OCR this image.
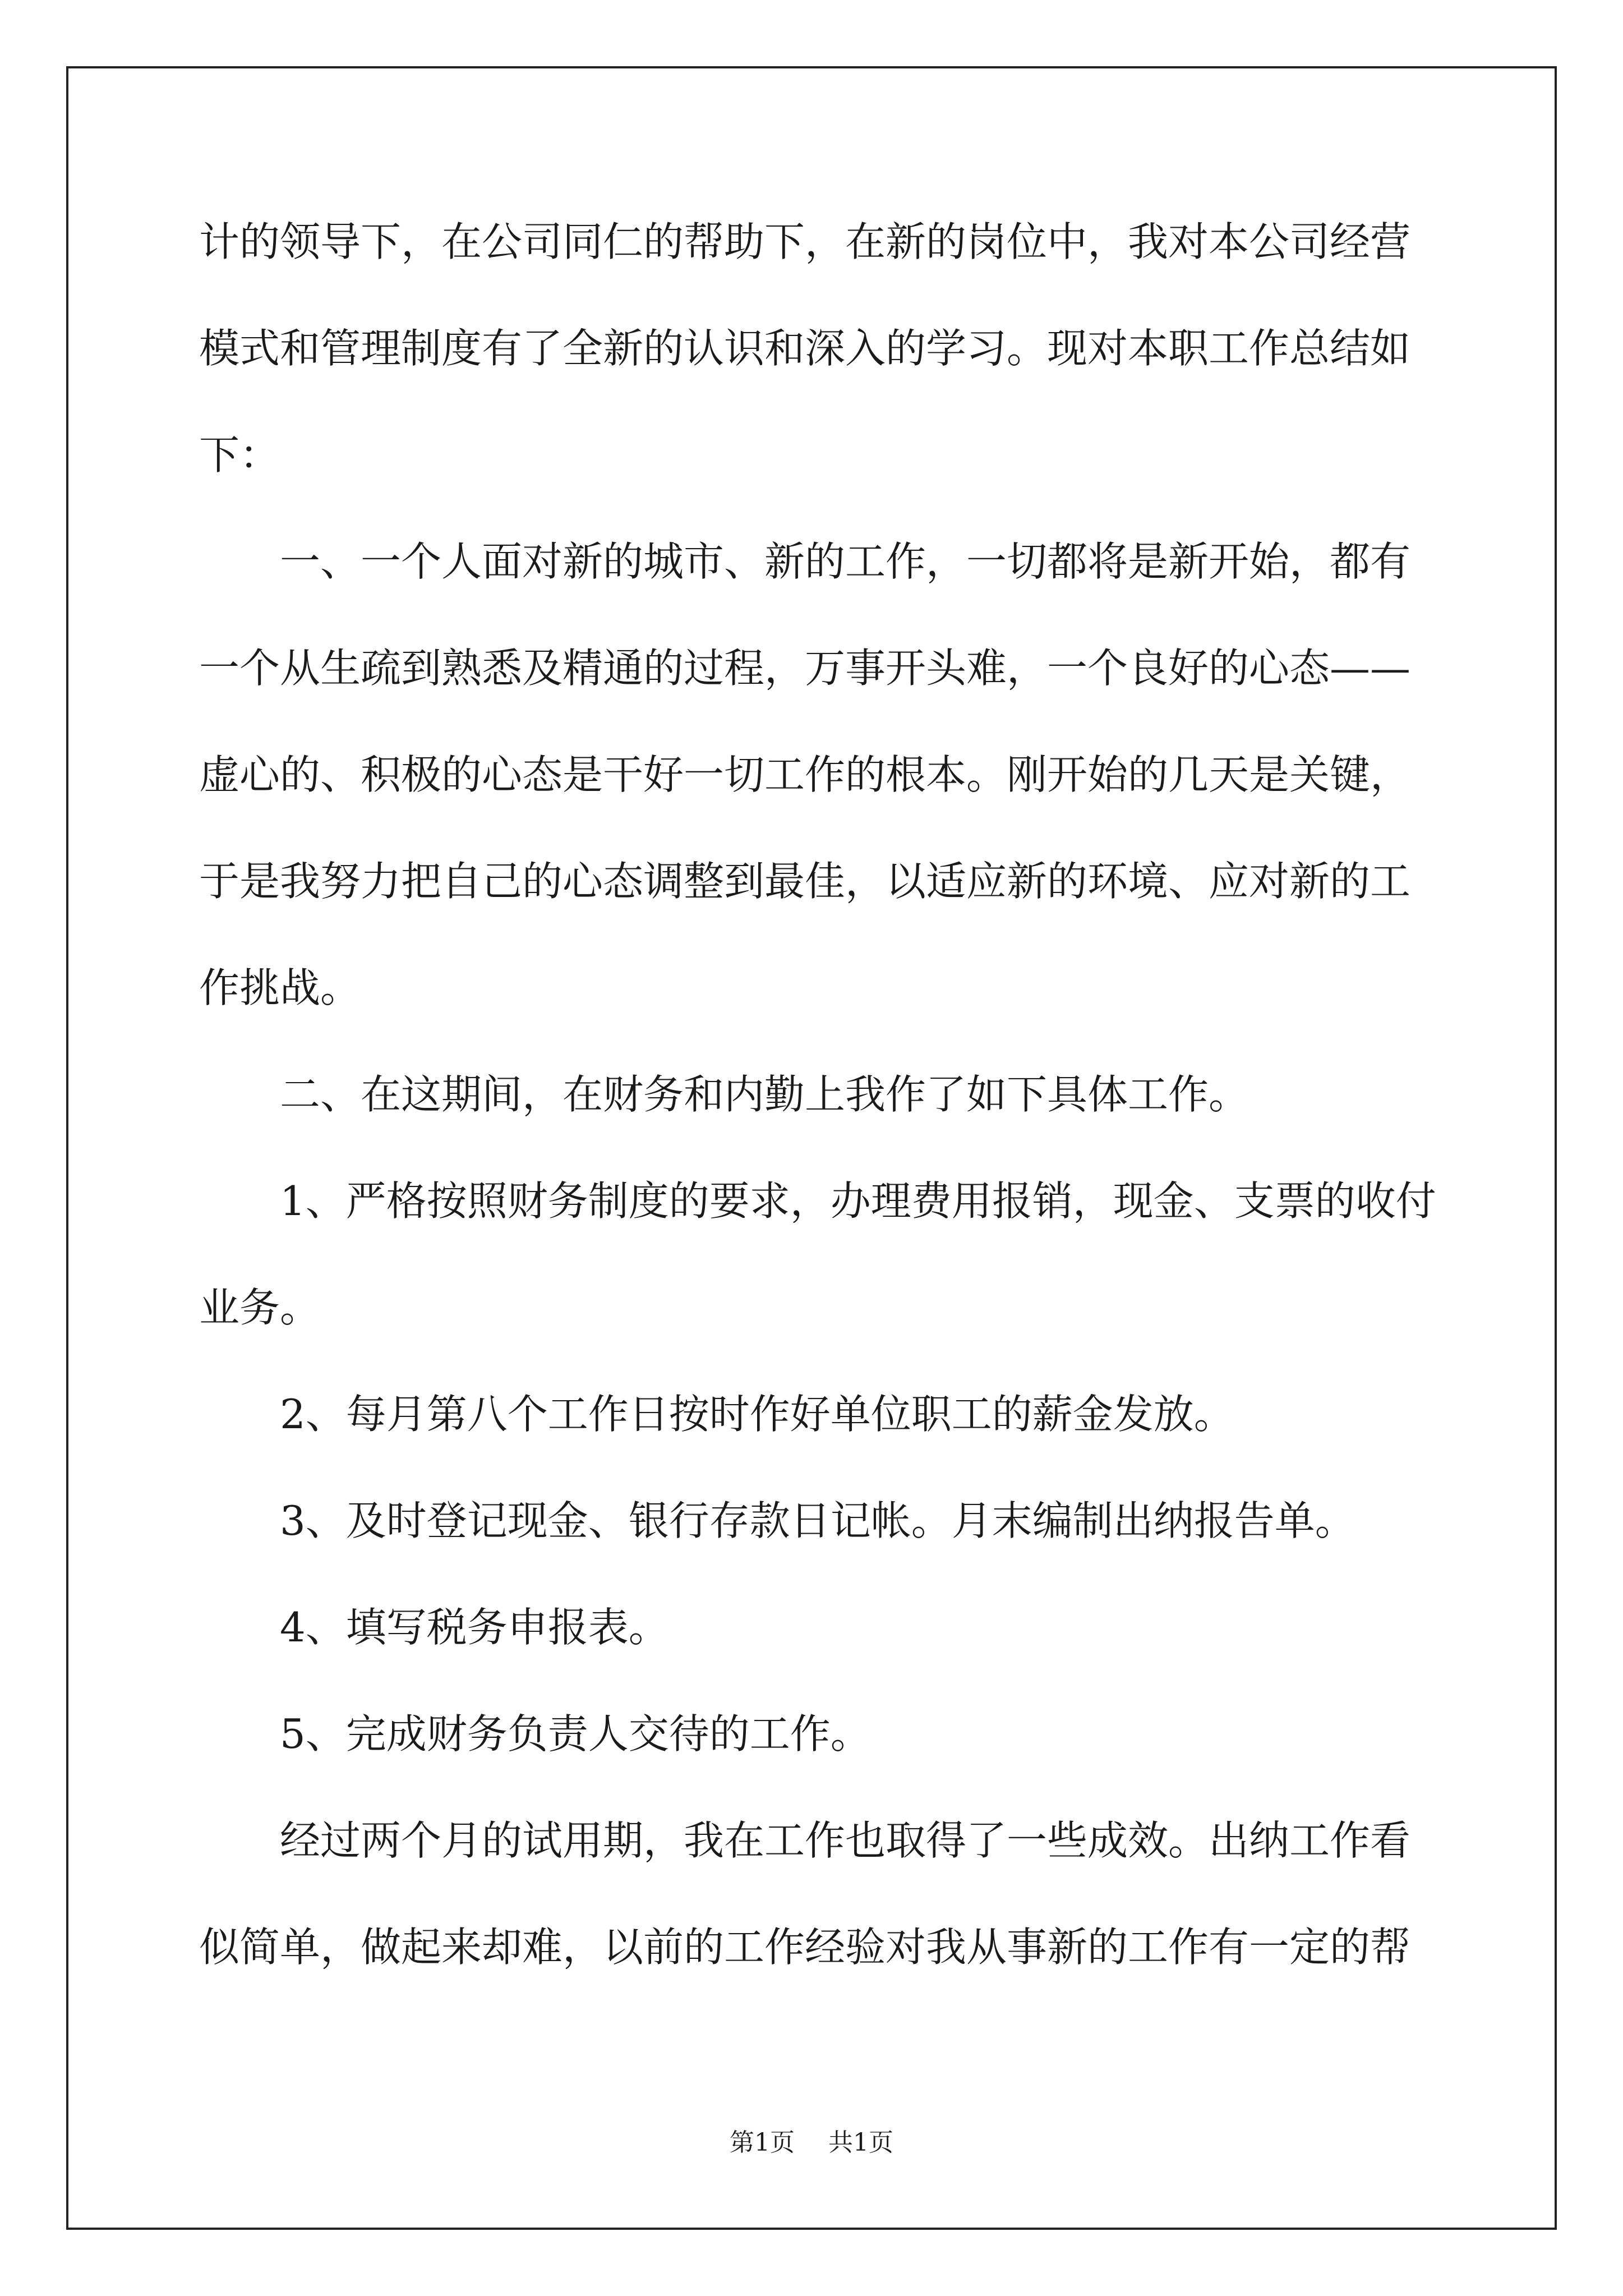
计的领导下，在公司同仁的帮助下，在新的岗位中，我对本公司经营
模式和管理制度有了全新的认识和深入的学习。现对本职工作总结如
下：
一、一个人面对新的城市、新的工作，一切都将是新开始，都有
一个从生疏到熟悉及精通的过程，万事开头难，一个良好的心态——
虚心的、积极的心态是干好一切工作的根本。刚开始的几天是关键，
于是我努力把自己的心态调整到最佳，以适应新的环境、应对新的工
作挑战。
二、在这期间，在财务和内勤上我作了如下具体工作。
1、严格按照财务制度的要求，办理费用报销，现金、支票的收付
业务。
2、每月第八个工作日按时作好单位职工的薪金发放。
3、及时登记现金、银行存款日记帐。月末编制出纳报告单。
4、填写税务申报表。
5、完成财务负责人交待的工作。
经过两个月的试用期，我在工作也取得了一些成效。出纳工作看
似简单，做起来却难，以前的工作经验对我从事新的工作有一定的帮
第1页 共1页
